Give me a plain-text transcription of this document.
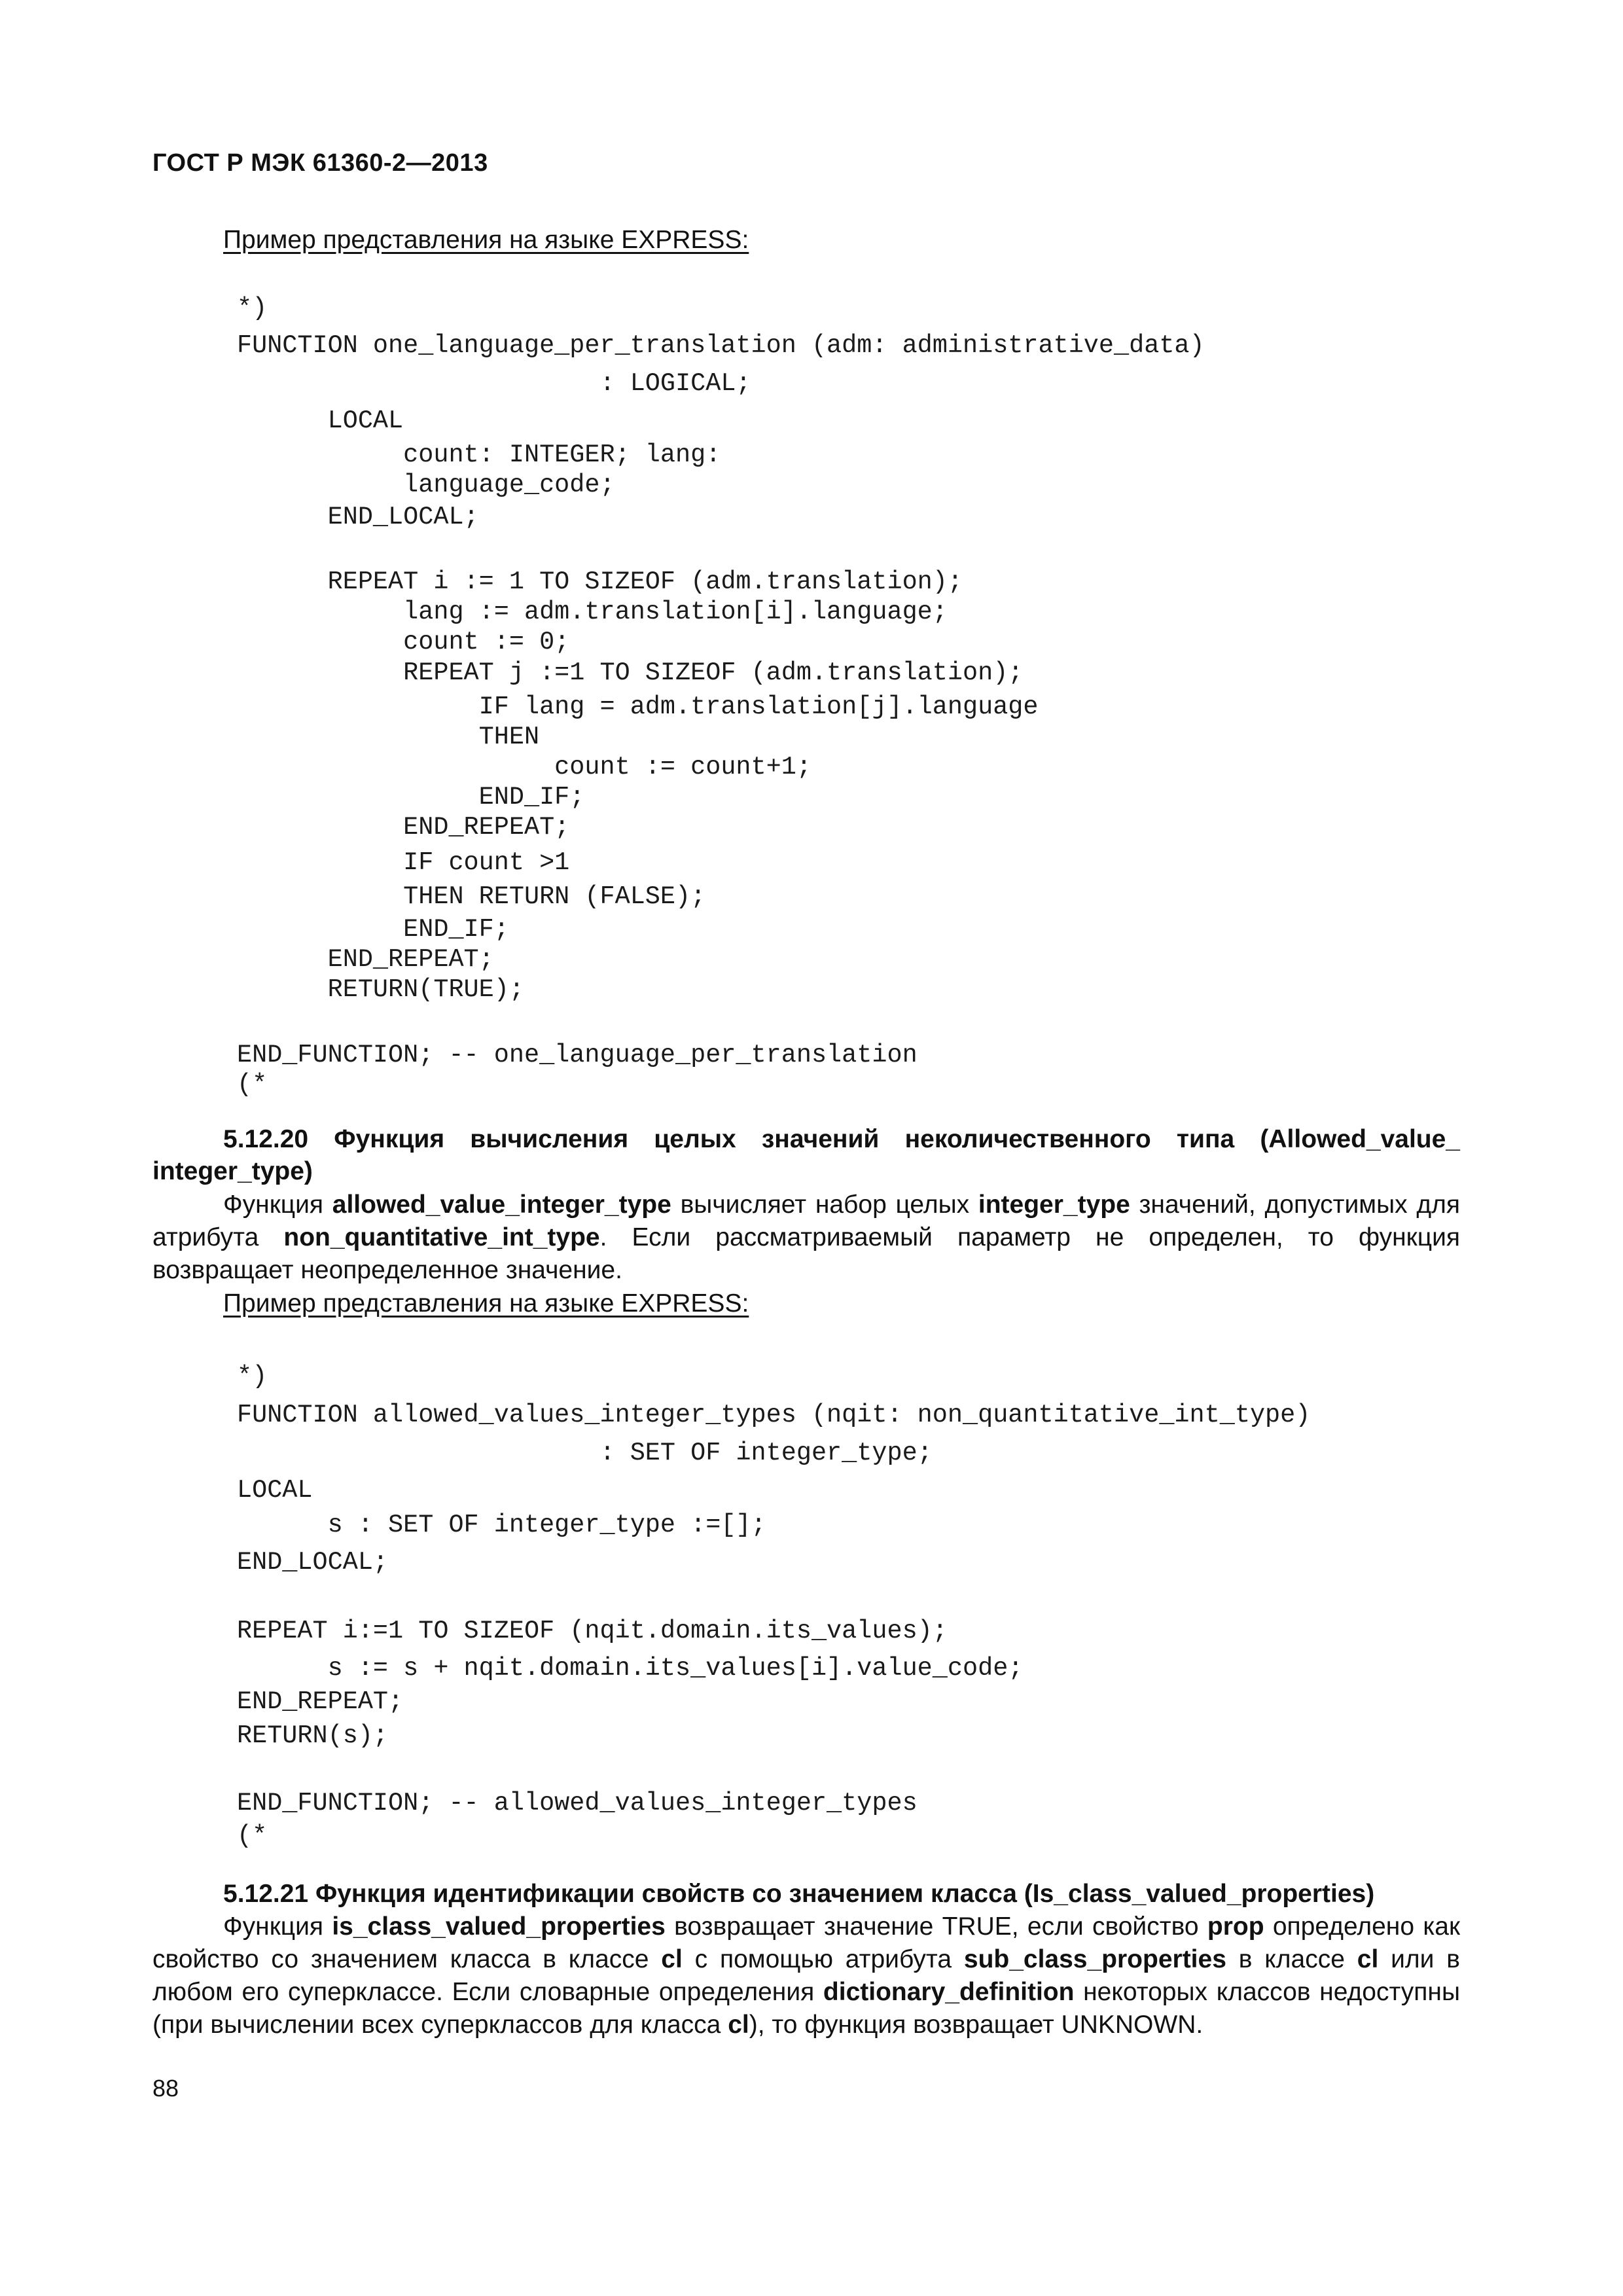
ГОСТ Р МЭК 61360-2—2013
Пример представления на языке EXPRESS:
*)
FUNCTION one_language_per_translation (adm: administrative_data)
: LOGICAL;
LOCAL
count: INTEGER; lang:
language_code;
END_LOCAL;
REPEAT i := 1 TO SIZEOF (adm.translation);
lang := adm.translation[i].language;
count := 0;
REPEAT j :=1 TO SIZEOF (adm.translation);
IF lang = adm.translation[j].language
THEN
count := count+1;
END_IF;
END_REPEAT;
IF count >1
THEN RETURN (FALSE);
END_IF;
END_REPEAT;
RETURN(TRUE);
END_FUNCTION; -- one_language_per_translation
(*
5.12.20 Функция вычисления целых значений неколичественного типа (Allowed_value_
integer_type)
Функция allowed_value_integer_type вычисляет набор целых integer_type значений, допустимых для атрибута non_quantitative_int_type. Если рассматриваемый параметр не определен, то функция возвращает неопределенное значение.
Пример представления на языке EXPRESS:
*)
FUNCTION allowed_values_integer_types (nqit: non_quantitative_int_type)
: SET OF integer_type;
LOCAL
s : SET OF integer_type :=[];
END_LOCAL;
REPEAT i:=1 TO SIZEOF (nqit.domain.its_values);
s := s + nqit.domain.its_values[i].value_code;
END_REPEAT;
RETURN(s);
END_FUNCTION; -- allowed_values_integer_types
(*
5.12.21 Функция идентификации свойств со значением класса (Is_class_valued_properties)
Функция is_class_valued_properties возвращает значение TRUE, если свойство prop определено как свойство со значением класса в классе cl с помощью атрибута sub_class_properties в классе cl или в любом его суперклассе. Если словарные определения dictionary_definition некоторых классов недоступны (при вычислении всех суперклассов для класса cl), то функция возвращает UNKNOWN.
88
